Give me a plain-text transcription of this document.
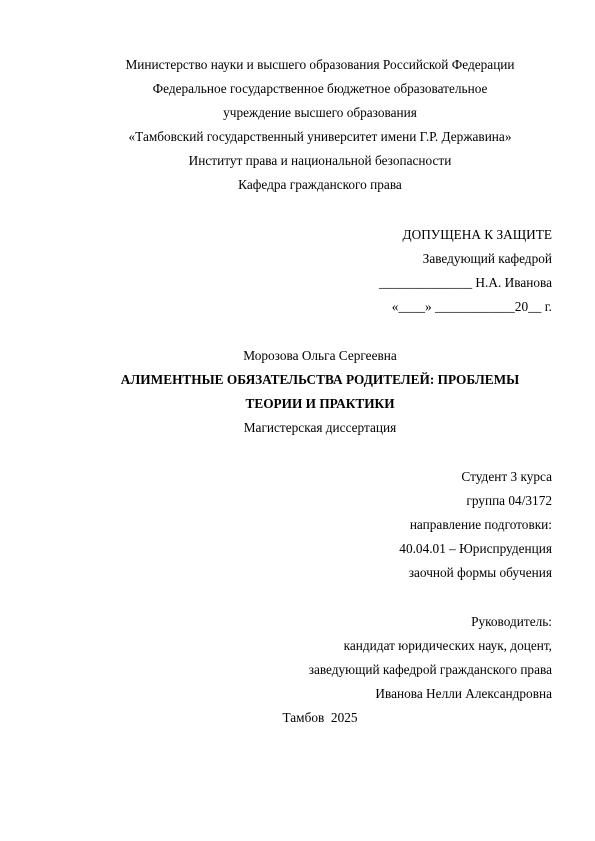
Министерство науки и высшего образования Российской Федерации
Федеральное государственное бюджетное образовательное
учреждение высшего образования
«Тамбовский государственный университет имени Г.Р. Державина»
Институт права и национальной безопасности
Кафедра гражданского права
ДОПУЩЕНА К ЗАЩИТЕ
Заведующий кафедрой
______________ Н.А. Иванова
«____» ____________20__ г.
Морозова Ольга Сергеевна
АЛИМЕНТНЫЕ ОБЯЗАТЕЛЬСТВА РОДИТЕЛЕЙ: ПРОБЛЕМЫ
ТЕОРИИ И ПРАКТИКИ
Магистерская диссертация
Студент 3 курса
группа 04/3172
направление подготовки:
40.04.01 – Юриспруденция
заочной формы обучения
Руководитель:
кандидат юридических наук, доцент,
заведующий кафедрой гражданского права
Иванова Нелли Александровна
Тамбов  2025
